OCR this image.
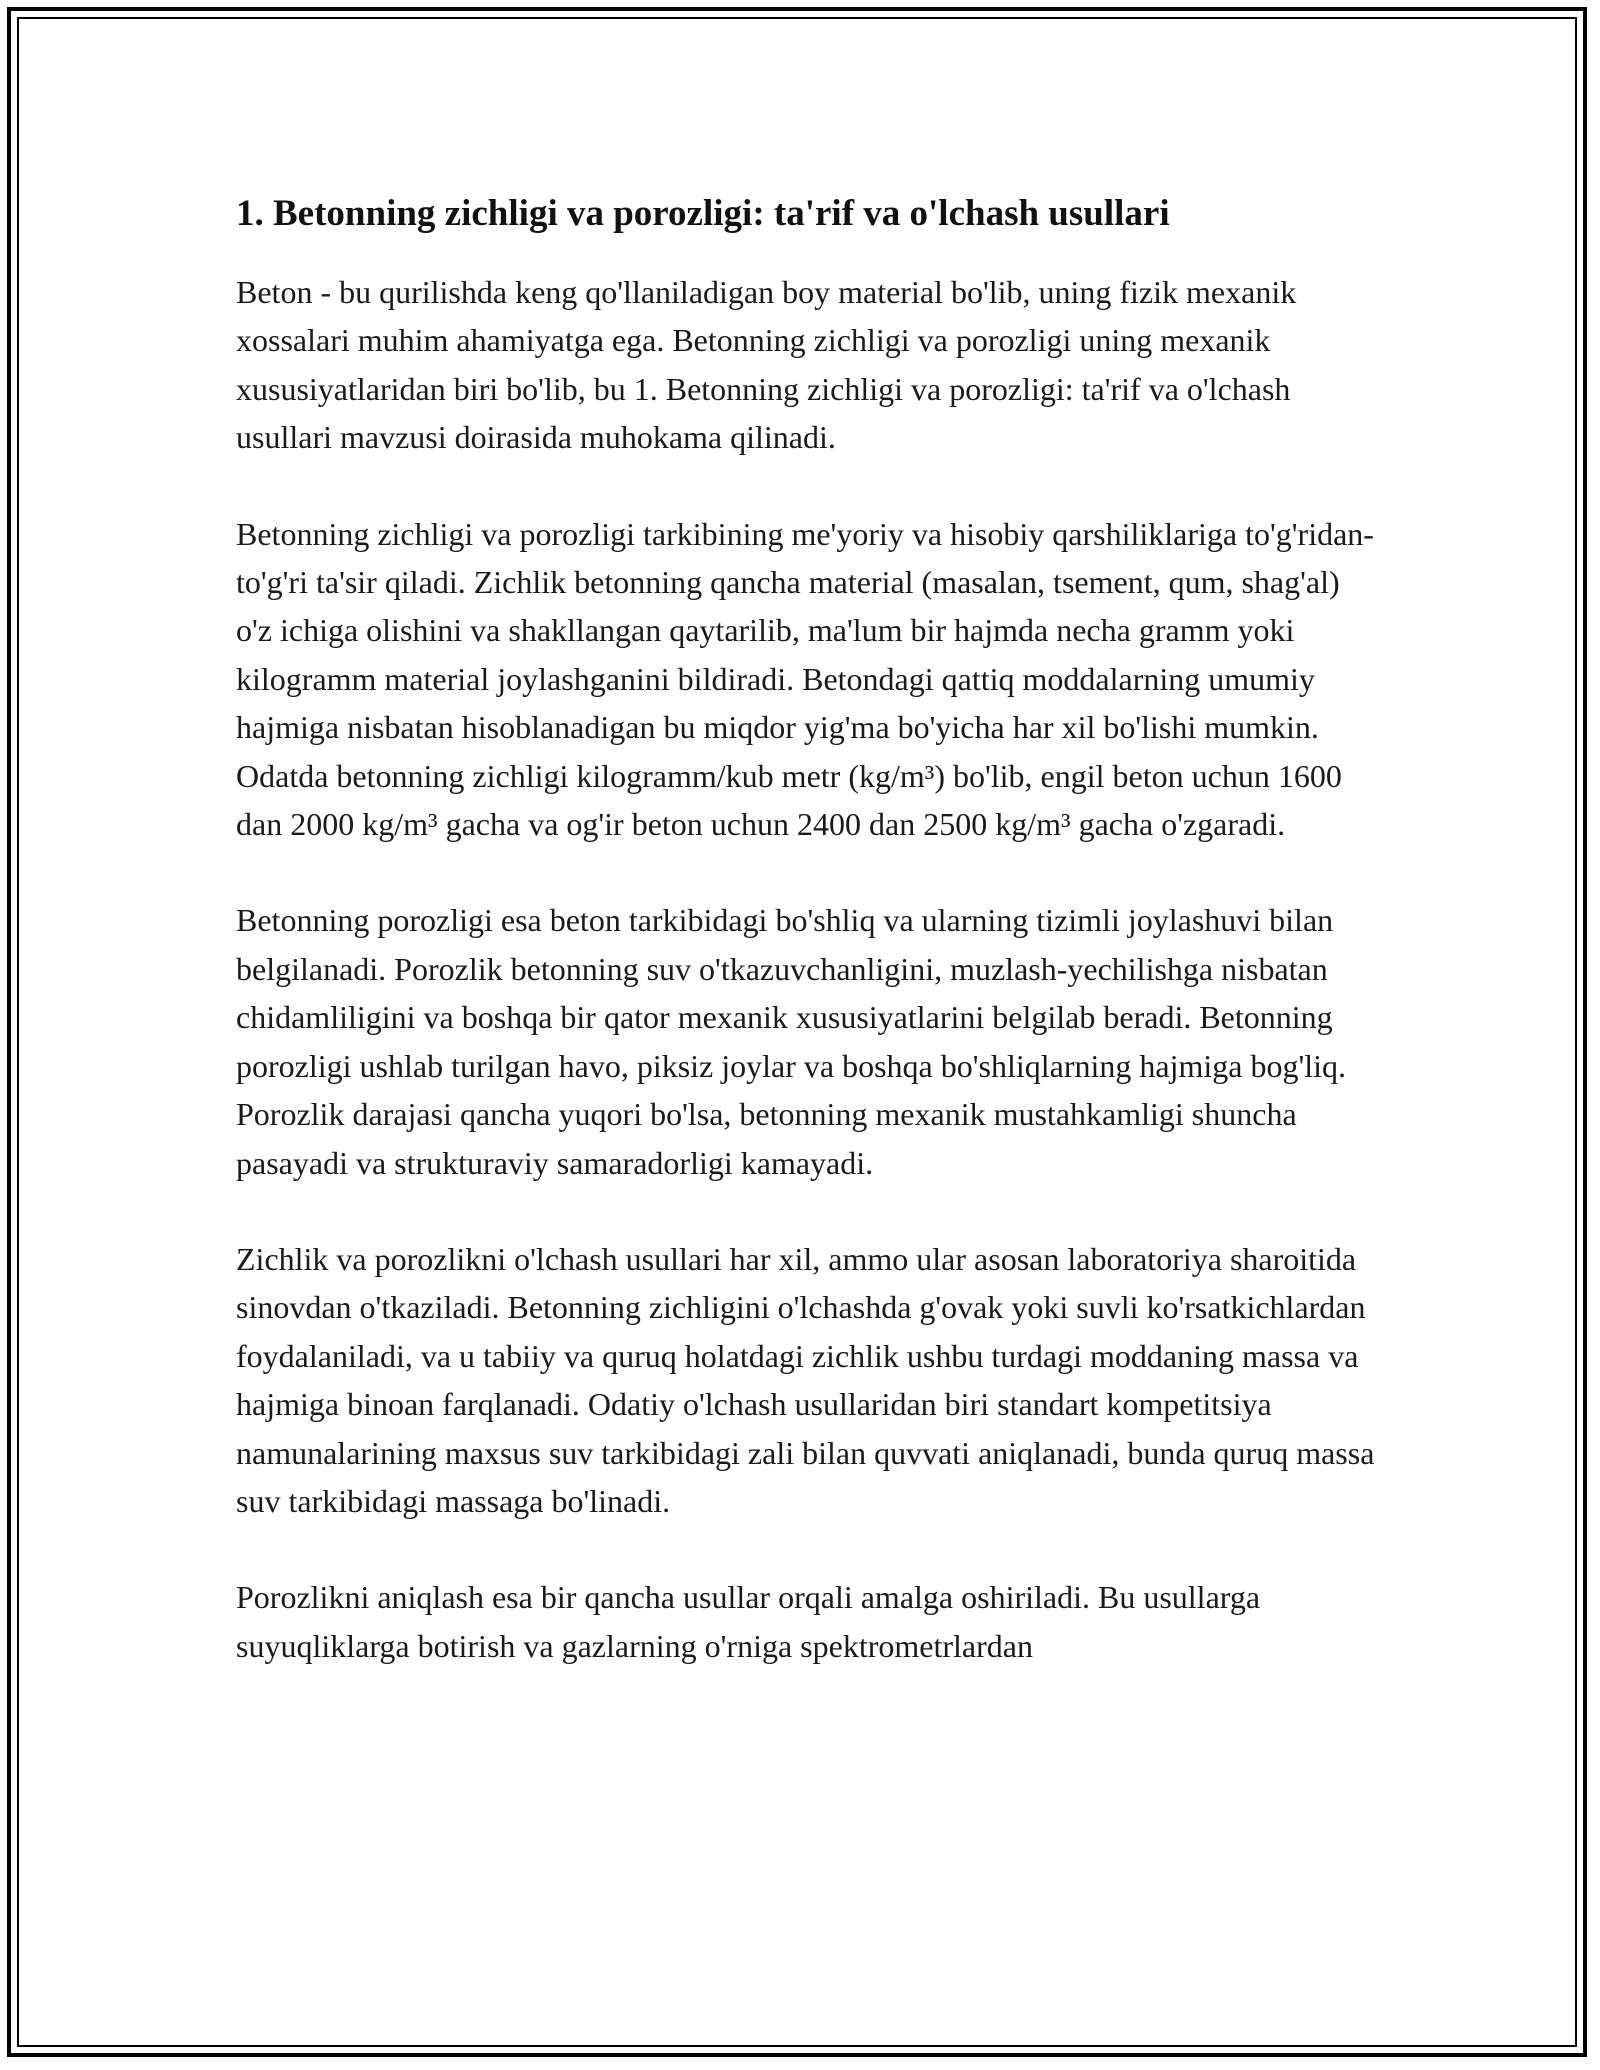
1. Betonning zichligi va porozligi: ta'rif va o'lchash usullari

Beton - bu qurilishda keng qo'llaniladigan boy material bo'lib, uning fizik mexanik xossalari muhim ahamiyatga ega. Betonning zichligi va porozligi uning mexanik xususiyatlaridan biri bo'lib, bu 1. Betonning zichligi va porozligi: ta'rif va o'lchash usullari mavzusi doirasida muhokama qilinadi.

Betonning zichligi va porozligi tarkibining me'yoriy va hisobiy qarshiliklariga to'g'ridan-to'g'ri ta'sir qiladi. Zichlik betonning qancha material (masalan, tsement, qum, shag'al) o'z ichiga olishini va shakllangan qaytarilib, ma'lum bir hajmda necha gramm yoki kilogramm material joylashganini bildiradi. Betondagi qattiq moddalarning umumiy hajmiga nisbatan hisoblanadigan bu miqdor yig'ma bo'yicha har xil bo'lishi mumkin. Odatda betonning zichligi kilogramm/kub metr (kg/m³) bo'lib, engil beton uchun 1600 dan 2000 kg/m³ gacha va og'ir beton uchun 2400 dan 2500 kg/m³ gacha o'zgaradi.

Betonning porozligi esa beton tarkibidagi bo'shliq va ularning tizimli joylashuvi bilan belgilanadi. Porozlik betonning suv o'tkazuvchanligini, muzlash-yechilishga nisbatan chidamliligini va boshqa bir qator mexanik xususiyatlarini belgilab beradi. Betonning porozligi ushlab turilgan havo, piksiz joylar va boshqa bo'shliqlarning hajmiga bog'liq. Porozlik darajasi qancha yuqori bo'lsa, betonning mexanik mustahkamligi shuncha pasayadi va strukturaviy samaradorligi kamayadi.

Zichlik va porozlikni o'lchash usullari har xil, ammo ular asosan laboratoriya sharoitida sinovdan o'tkaziladi. Betonning zichligini o'lchashda g'ovak yoki suvli ko'rsatkichlardan foydalaniladi, va u tabiiy va quruq holatdagi zichlik ushbu turdagi moddaning massa va hajmiga binoan farqlanadi. Odatiy o'lchash usullaridan biri standart kompetitsiya namunalarining maxsus suv tarkibidagi zali bilan quvvati aniqlanadi, bunda quruq massa suv tarkibidagi massaga bo'linadi.

Porozlikni aniqlash esa bir qancha usullar orqali amalga oshiriladi. Bu usullarga suyuqliklarga botirish va gazlarning o'rniga spektrometrlardan
